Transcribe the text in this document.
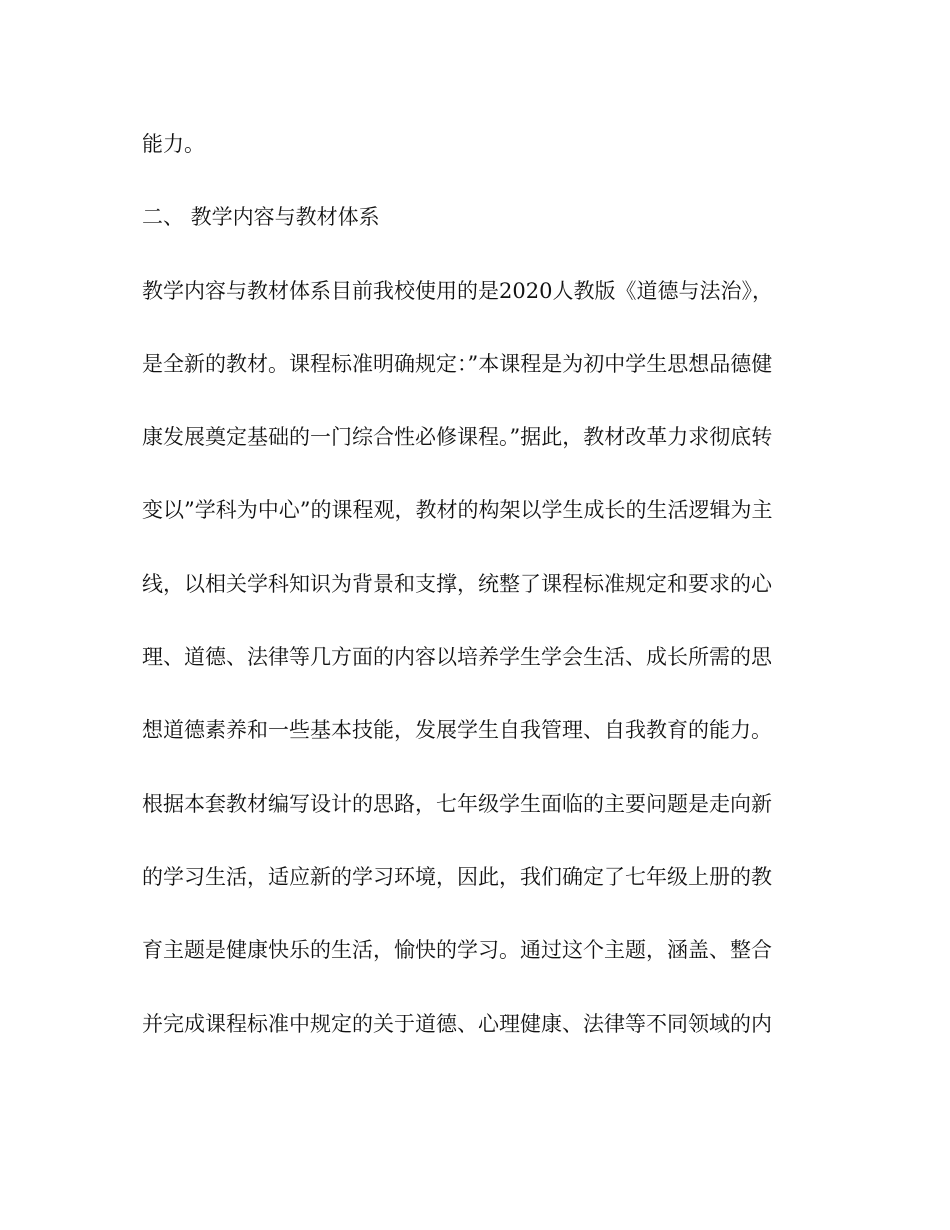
能力。
二、 教学内容与教材体系
教学内容与教材体系目前我校使用的是2020人教版《道德与法治》，
是全新的教材。课程标准明确规定：”本课程是为初中学生思想品德健
康发展奠定基础的一门综合性必修课程。”据此，教材改革力求彻底转
变以”学科为中心”的课程观，教材的构架以学生成长的生活逻辑为主
线，以相关学科知识为背景和支撑，统整了课程标准规定和要求的心
理、道德、法律等几方面的内容以培养学生学会生活、成长所需的思
想道德素养和一些基本技能，发展学生自我管理、自我教育的能力。
根据本套教材编写设计的思路，七年级学生面临的主要问题是走向新
的学习生活，适应新的学习环境，因此，我们确定了七年级上册的教
育主题是健康快乐的生活，愉快的学习。通过这个主题，涵盖、整合
并完成课程标准中规定的关于道德、心理健康、法律等不同领域的内
